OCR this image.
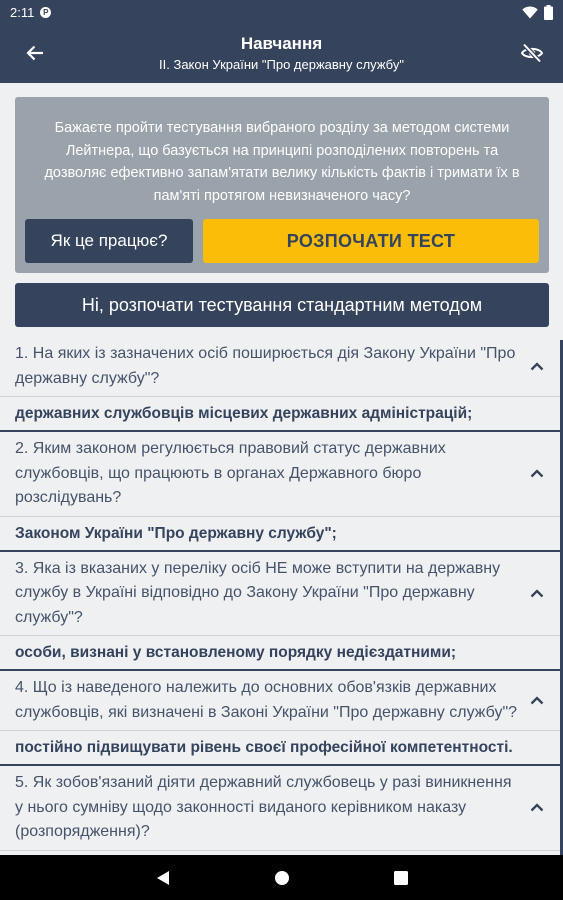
2:11	P
Навчання
ІІ. Закон України "Про державну службу"
Бажаєте пройти тестування вибраного розділу за методом системи Лейтнера, що базується на принципі розподілених повторень та дозволяє ефективно запам'ятати велику кількість фактів і тримати їх в пам'яті протягом невизначеного часу?
Як це працює?	РОЗПОЧАТИ ТЕСТ
Ні, розпочати тестування стандартним методом
1. На яких із зазначених осіб поширюється дія Закону України "Про державну службу"?
державних службовців місцевих державних адміністрацій;
2. Яким законом регулюється правовий статус державних службовців, що працюють в органах Державного бюро розслідувань?
Законом України "Про державну службу";
3. Яка із вказаних у переліку осіб НЕ може вступити на державну службу в Україні відповідно до Закону України "Про державну службу"?
особи, визнані у встановленому порядку недієздатними;
4. Що із наведеного належить до основних обов'язків державних службовців, які визначені в Законі України "Про державну службу"?
постійно підвищувати рівень своєї професійної компетентності.
5. Як зобов'язаний діяти державний службовець у разі виникнення у нього сумніву щодо законності виданого керівником наказу (розпорядження)?
